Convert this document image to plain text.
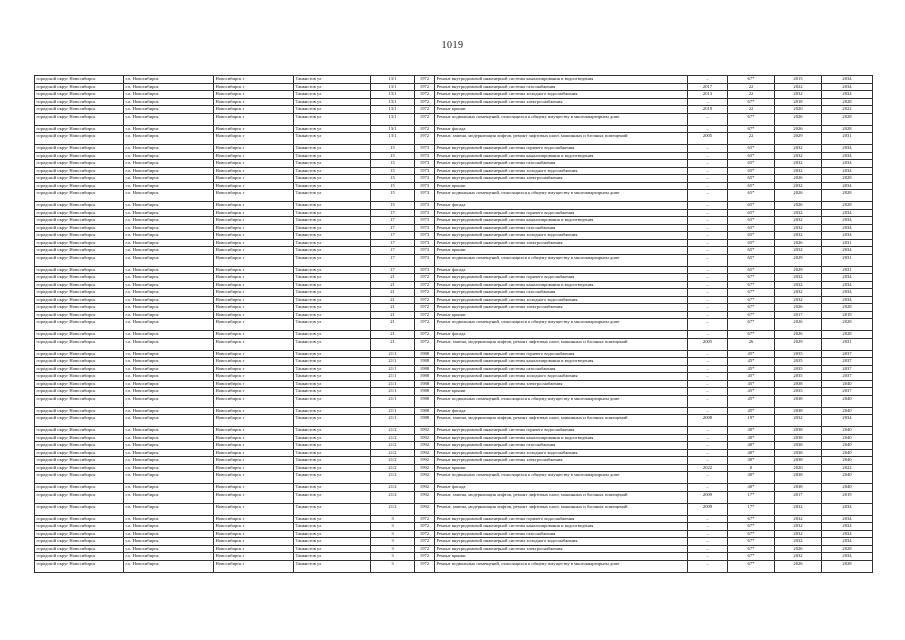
1019
городской округ Новосибирск	г.о. Новосибирск	Новосибирск г	Танкистов ул	13/1	1972	Ремонт внутридомовой инженерной системы канализирования и водоотведения	–	67*	2015	2034
городской округ Новосибирск	г.о. Новосибирск	Новосибирск г	Танкистов ул	13/1	1972	Ремонт внутридомовой инженерной системы газоснабжения	2017	22	2022	2034
городской округ Новосибирск	г.о. Новосибирск	Новосибирск г	Танкистов ул	13/1	1972	Ремонт внутридомовой инженерной системы холодного водоснабжения	2013	22	2032	2034
городской округ Новосибирск	г.о. Новосибирск	Новосибирск г	Танкистов ул	13/1	1972	Ремонт внутридомовой инженерной системы электроснабжения	–	67*	2018	2028
городской округ Новосибирск	г.о. Новосибирск	Новосибирск г	Танкистов ул	13/1	1972	Ремонт крыши	2019	22	2020	2022
городской округ Новосибирск	г.о. Новосибирск	Новосибирск г	Танкистов ул	13/1	1972	Ремонт подвальных помещений, относящихся к общему имуществу в многоквартирном доме	–	67*	2026	2028
городской округ Новосибирск	г.о. Новосибирск	Новосибирск г	Танкистов ул	13/1	1972	Ремонт фасада	–	67*	2026	2028
городской округ Новосибирск	г.о. Новосибирск	Новосибирск г	Танкистов ул	13/1	1972	Ремонт, замена, модернизация лифтов, ремонт лифтовых шахт, машинных и блочных помещений	2005	22	2029	2031
городской округ Новосибирск	г.о. Новосибирск	Новосибирск г	Танкистов ул	15	1973	Ремонт внутридомовой инженерной системы горячего водоснабжения	–	65*	2032	2034
городской округ Новосибирск	г.о. Новосибирск	Новосибирск г	Танкистов ул	15	1973	Ремонт внутридомовой инженерной системы канализирования и водоотведения	–	65*	2032	2034
городской округ Новосибирск	г.о. Новосибирск	Новосибирск г	Танкистов ул	15	1973	Ремонт внутридомовой инженерной системы газоснабжения	–	65*	2032	2034
городской округ Новосибирск	г.о. Новосибирск	Новосибирск г	Танкистов ул	15	1973	Ремонт внутридомовой инженерной системы холодного водоснабжения	–	65*	2032	2034
городской округ Новосибирск	г.о. Новосибирск	Новосибирск г	Танкистов ул	15	1973	Ремонт внутридомовой инженерной системы электроснабжения	–	65*	2026	2028
городской округ Новосибирск	г.о. Новосибирск	Новосибирск г	Танкистов ул	15	1973	Ремонт крыши	–	65*	2032	2034
городской округ Новосибирск	г.о. Новосибирск	Новосибирск г	Танкистов ул	15	1973	Ремонт подвальных помещений, относящихся к общему имуществу в многоквартирном доме	–	65*	2026	2028
городской округ Новосибирск	г.о. Новосибирск	Новосибирск г	Танкистов ул	15	1973	Ремонт фасада	–	65*	2026	2028
городской округ Новосибирск	г.о. Новосибирск	Новосибирск г	Танкистов ул	17	1973	Ремонт внутридомовой инженерной системы горячего водоснабжения	–	65*	2032	2034
городской округ Новосибирск	г.о. Новосибирск	Новосибирск г	Танкистов ул	17	1973	Ремонт внутридомовой инженерной системы канализирования и водоотведения	–	65*	2032	2034
городской округ Новосибирск	г.о. Новосибирск	Новосибирск г	Танкистов ул	17	1973	Ремонт внутридомовой инженерной системы газоснабжения	–	65*	2032	2034
городской округ Новосибирск	г.о. Новосибирск	Новосибирск г	Танкистов ул	17	1973	Ремонт внутридомовой инженерной системы холодного водоснабжения	–	65*	2032	2034
городской округ Новосибирск	г.о. Новосибирск	Новосибирск г	Танкистов ул	17	1973	Ремонт внутридомовой инженерной системы электроснабжения	–	65*	2026	2031
городской округ Новосибирск	г.о. Новосибирск	Новосибирск г	Танкистов ул	17	1973	Ремонт крыши	–	65*	2032	2034
городской округ Новосибирск	г.о. Новосибирск	Новосибирск г	Танкистов ул	17	1973	Ремонт подвальных помещений, относящихся к общему имуществу в многоквартирном доме	–	65*	2029	2031
городской округ Новосибирск	г.о. Новосибирск	Новосибирск г	Танкистов ул	17	1973	Ремонт фасада	–	65*	2029	2031
городской округ Новосибирск	г.о. Новосибирск	Новосибирск г	Танкистов ул	21	1972	Ремонт внутридомовой инженерной системы горячего водоснабжения	–	67*	2032	2034
городской округ Новосибирск	г.о. Новосибирск	Новосибирск г	Танкистов ул	21	1972	Ремонт внутридомовой инженерной системы канализирования и водоотведения	–	67*	2032	2034
городской округ Новосибирск	г.о. Новосибирск	Новосибирск г	Танкистов ул	21	1972	Ремонт внутридомовой инженерной системы газоснабжения	–	67*	2032	2034
городской округ Новосибирск	г.о. Новосибирск	Новосибирск г	Танкистов ул	21	1972	Ремонт внутридомовой инженерной системы холодного водоснабжения	–	67*	2032	2034
городской округ Новосибирск	г.о. Новосибирск	Новосибирск г	Танкистов ул	21	1972	Ремонт внутридомовой инженерной системы электроснабжения	–	67*	2026	2028
городской округ Новосибирск	г.о. Новосибирск	Новосибирск г	Танкистов ул	21	1972	Ремонт крыши	–	67*	2017	2019
городской округ Новосибирск	г.о. Новосибирск	Новосибирск г	Танкистов ул	21	1972	Ремонт подвальных помещений, относящихся к общему имуществу в многоквартирном доме	–	67*	2026	2028
городской округ Новосибирск	г.о. Новосибирск	Новосибирск г	Танкистов ул	21	1972	Ремонт фасада	–	67*	2026	2028
городской округ Новосибирск	г.о. Новосибирск	Новосибирск г	Танкистов ул	21	1972	Ремонт, замена, модернизация лифтов, ремонт лифтовых шахт, машинных и блочных помещений	2005	26	2029	2031
городской округ Новосибирск	г.о. Новосибирск	Новосибирск г	Танкистов ул	21/1	1988	Ремонт внутридомовой инженерной системы горячего водоснабжения	–	45*	2035	2037
городской округ Новосибирск	г.о. Новосибирск	Новосибирск г	Танкистов ул	21/1	1988	Ремонт внутридомовой инженерной системы канализирования и водоотведения	–	45*	2035	2037
городской округ Новосибирск	г.о. Новосибирск	Новосибирск г	Танкистов ул	21/1	1988	Ремонт внутридомовой инженерной системы газоснабжения	–	45*	2035	2037
городской округ Новосибирск	г.о. Новосибирск	Новосибирск г	Танкистов ул	21/1	1988	Ремонт внутридомовой инженерной системы холодного водоснабжения	–	45*	2035	2037
городской округ Новосибирск	г.о. Новосибирск	Новосибирск г	Танкистов ул	21/1	1988	Ремонт внутридомовой инженерной системы электроснабжения	–	45*	2038	2040
городской округ Новосибирск	г.о. Новосибирск	Новосибирск г	Танкистов ул	21/1	1988	Ремонт крыши	–	45*	2035	2037
городской округ Новосибирск	г.о. Новосибирск	Новосибирск г	Танкистов ул	21/1	1988	Ремонт подвальных помещений, относящихся к общему имуществу в многоквартирном доме	–	45*	2038	2040
городской округ Новосибирск	г.о. Новосибирск	Новосибирск г	Танкистов ул	21/1	1988	Ремонт фасада	–	45*	2038	2040
городской округ Новосибирск	г.о. Новосибирск	Новосибирск г	Танкистов ул	21/1	1988	Ремонт, замена, модернизация лифтов, ремонт лифтовых шахт, машинных и блочных помещений	2008	19*	2032	2034
городской округ Новосибирск	г.о. Новосибирск	Новосибирск г	Танкистов ул	21/2	1992	Ремонт внутридомовой инженерной системы горячего водоснабжения	–	40*	2038	2040
городской округ Новосибирск	г.о. Новосибирск	Новосибирск г	Танкистов ул	21/2	1992	Ремонт внутридомовой инженерной системы канализирования и водоотведения	–	40*	2038	2040
городской округ Новосибирск	г.о. Новосибирск	Новосибирск г	Танкистов ул	21/2	1992	Ремонт внутридомовой инженерной системы газоснабжения	–	40*	2038	2040
городской округ Новосибирск	г.о. Новосибирск	Новосибирск г	Танкистов ул	21/2	1992	Ремонт внутридомовой инженерной системы холодного водоснабжения	–	40*	2038	2040
городской округ Новосибирск	г.о. Новосибирск	Новосибирск г	Танкистов ул	21/2	1992	Ремонт внутридомовой инженерной системы электроснабжения	–	40*	2038	2040
городской округ Новосибирск	г.о. Новосибирск	Новосибирск г	Танкистов ул	21/2	1992	Ремонт крыши	2022	0	2020	2022
городской округ Новосибирск	г.о. Новосибирск	Новосибирск г	Танкистов ул	21/2	1992	Ремонт подвальных помещений, относящихся к общему имуществу в многоквартирном доме	–	40*	2038	2040
городской округ Новосибирск	г.о. Новосибирск	Новосибирск г	Танкистов ул	21/2	1992	Ремонт фасада	–	40*	2038	2040
городской округ Новосибирск	г.о. Новосибирск	Новосибирск г	Танкистов ул	21/2	1992	Ремонт, замена, модернизация лифтов, ремонт лифтовых шахт, машинных и блочных помещений	2009	17*	2017	2019
городской округ Новосибирск	г.о. Новосибирск	Новосибирск г	Танкистов ул	21/2	1992	Ремонт, замена, модернизация лифтов, ремонт лифтовых шахт, машинных и блочных помещений	2009	17*	2032	2034
городской округ Новосибирск	г.о. Новосибирск	Новосибирск г	Танкистов ул	3	1972	Ремонт внутридомовой инженерной системы горячего водоснабжения	–	67*	2032	2034
городской округ Новосибирск	г.о. Новосибирск	Новосибирск г	Танкистов ул	3	1972	Ремонт внутридомовой инженерной системы канализирования и водоотведения	–	67*	2032	2034
городской округ Новосибирск	г.о. Новосибирск	Новосибирск г	Танкистов ул	3	1972	Ремонт внутридомовой инженерной системы газоснабжения	–	67*	2032	2034
городской округ Новосибирск	г.о. Новосибирск	Новосибирск г	Танкистов ул	3	1972	Ремонт внутридомовой инженерной системы холодного водоснабжения	–	67*	2032	2034
городской округ Новосибирск	г.о. Новосибирск	Новосибирск г	Танкистов ул	3	1972	Ремонт внутридомовой инженерной системы электроснабжения	–	67*	2026	2028
городской округ Новосибирск	г.о. Новосибирск	Новосибирск г	Танкистов ул	3	1972	Ремонт крыши	–	67*	2032	2034
городской округ Новосибирск	г.о. Новосибирск	Новосибирск г	Танкистов ул	3	1972	Ремонт подвальных помещений, относящихся к общему имуществу в многоквартирном доме	–	67*	2026	2028
